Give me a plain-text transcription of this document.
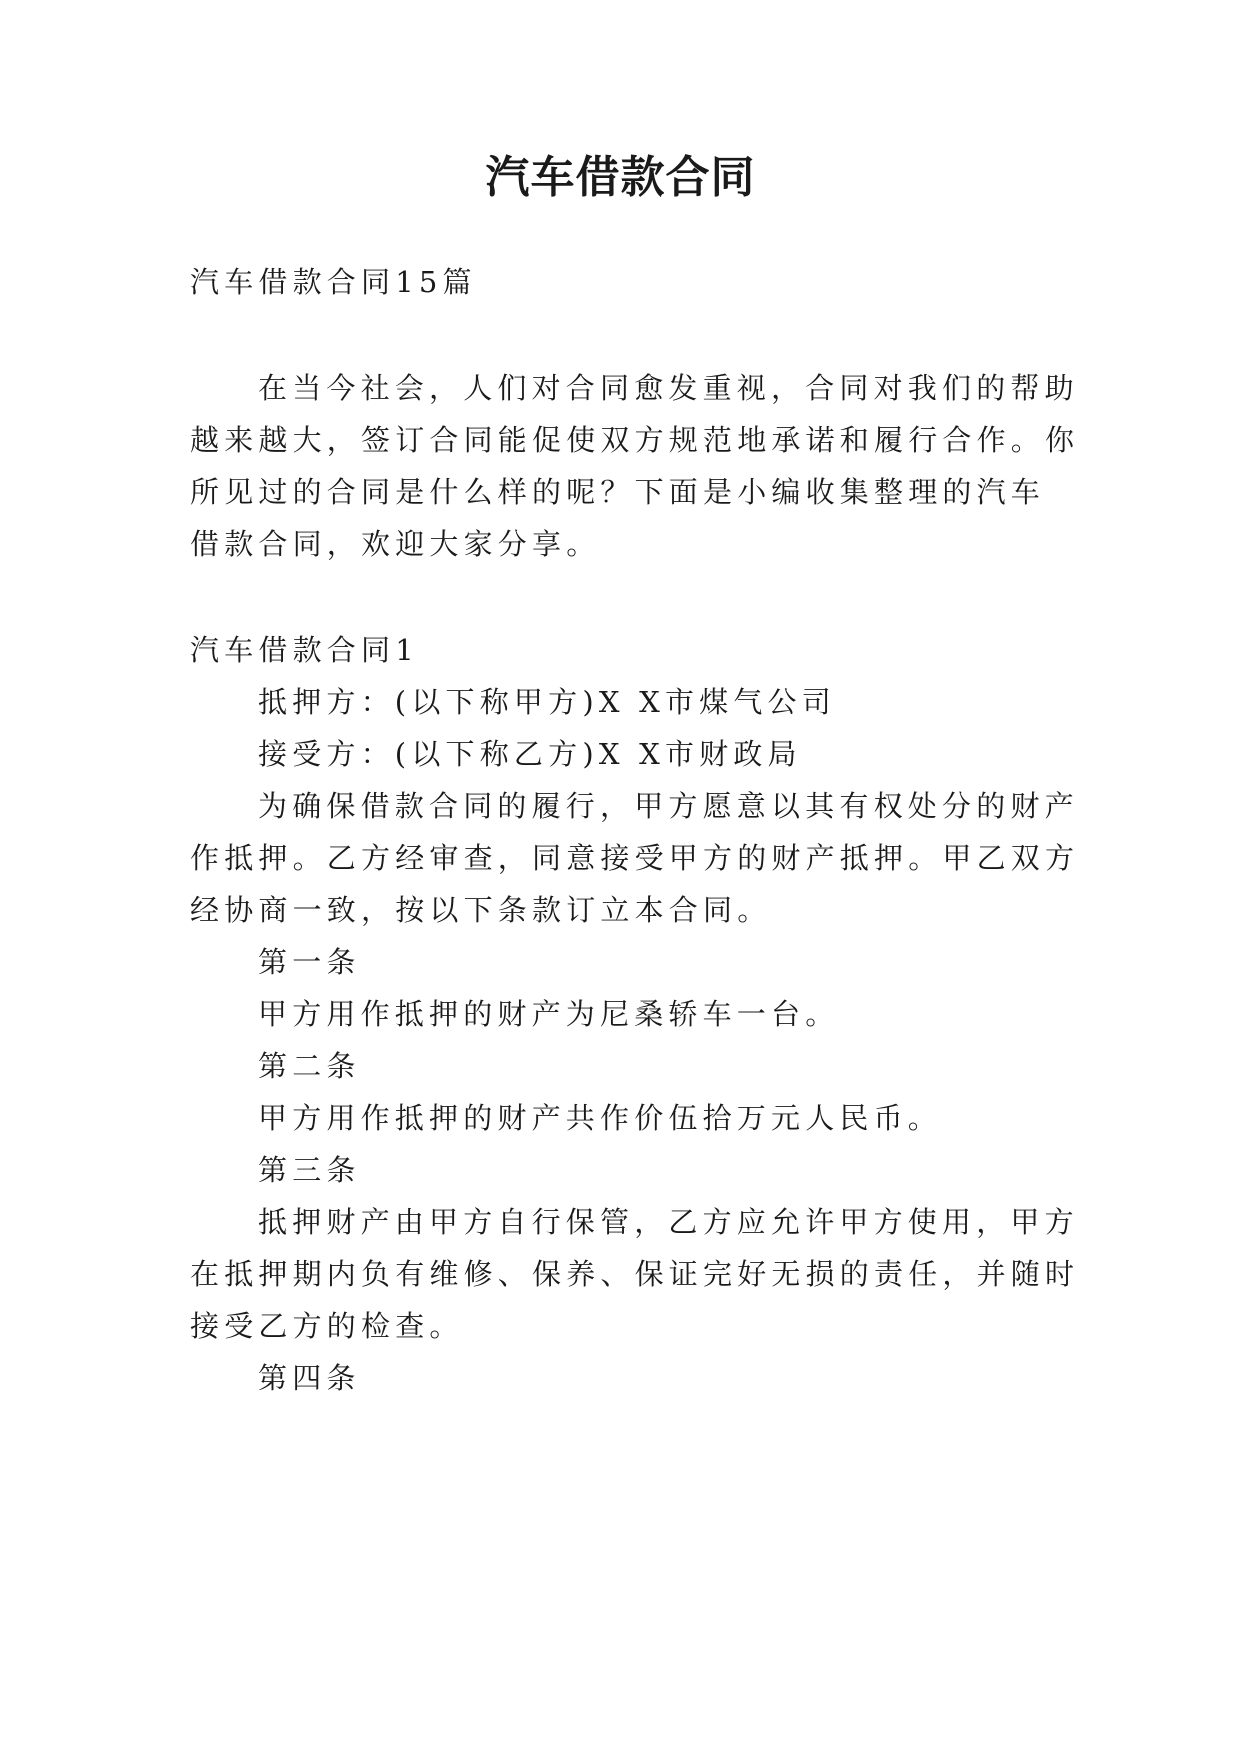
汽车借款合同
汽车借款合同15篇
在当今社会，人们对合同愈发重视，合同对我们的帮助
越来越大，签订合同能促使双方规范地承诺和履行合作。你
所见过的合同是什么样的呢？下面是小编收集整理的汽车
借款合同，欢迎大家分享。
汽车借款合同1
抵押方：(以下称甲方)X X市煤气公司
接受方：(以下称乙方)X X市财政局
为确保借款合同的履行，甲方愿意以其有权处分的财产
作抵押。乙方经审查，同意接受甲方的财产抵押。甲乙双方
经协商一致，按以下条款订立本合同。
第一条
甲方用作抵押的财产为尼桑轿车一台。
第二条
甲方用作抵押的财产共作价伍拾万元人民币。
第三条
抵押财产由甲方自行保管，乙方应允许甲方使用，甲方
在抵押期内负有维修、保养、保证完好无损的责任，并随时
接受乙方的检查。
第四条
